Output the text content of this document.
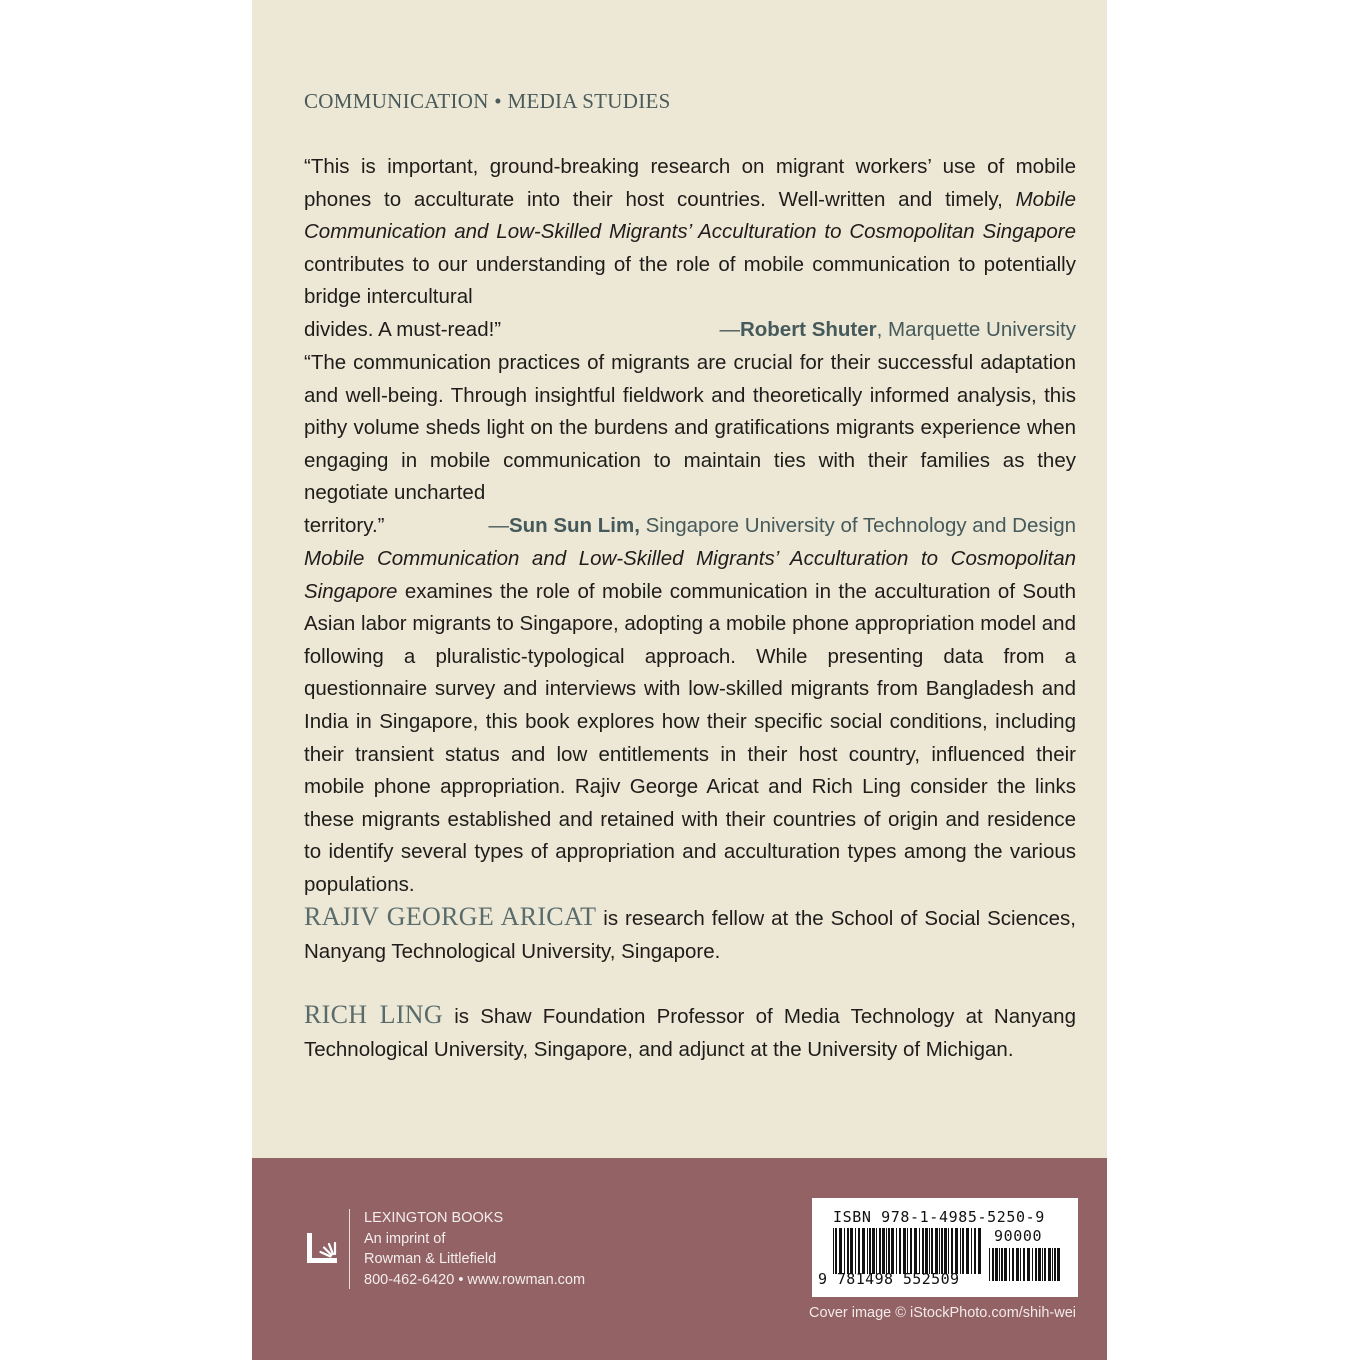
COMMUNICATION • MEDIA STUDIES
“This is important, ground-breaking research on migrant workers’ use of mobile phones to acculturate into their host countries. Well-written and timely, Mobile Communication and Low-Skilled Migrants’ Acculturation to Cosmopolitan Singapore contributes to our understanding of the role of mobile communication to potentially bridge intercultural
divides. A must-read!”	—Robert Shuter, Marquette University
“The communication practices of migrants are crucial for their successful adaptation and well-being. Through insightful fieldwork and theoretically informed analysis, this pithy volume sheds light on the burdens and gratifications migrants experience when engaging in mobile communication to maintain ties with their families as they negotiate uncharted
territory.”	—Sun Sun Lim, Singapore University of Technology and Design
Mobile Communication and Low-Skilled Migrants’ Acculturation to Cosmopolitan Singapore examines the role of mobile communication in the acculturation of South Asian labor migrants to Singapore, adopting a mobile phone appropriation model and following a pluralistic-typological approach. While presenting data from a questionnaire survey and interviews with low-skilled migrants from Bangladesh and India in Singapore, this book explores how their specific social conditions, including their transient status and low entitlements in their host country, influenced their mobile phone appropriation. Rajiv George Aricat and Rich Ling consider the links these migrants established and retained with their countries of origin and residence to identify several types of appropriation and acculturation types among the various populations.
RAJIV GEORGE ARICAT is research fellow at the School of Social Sciences, Nanyang Technological University, Singapore.
RICH LING is Shaw Foundation Professor of Media Technology at Nanyang Technological University, Singapore, and adjunct at the University of Michigan.
LEXINGTON BOOKS
An imprint of
Rowman & Littlefield
800-462-6420 • www.rowman.com
ISBN 978-1-4985-5250-9
90000
9 781498 552509
Cover image © iStockPhoto.com/shih-wei
